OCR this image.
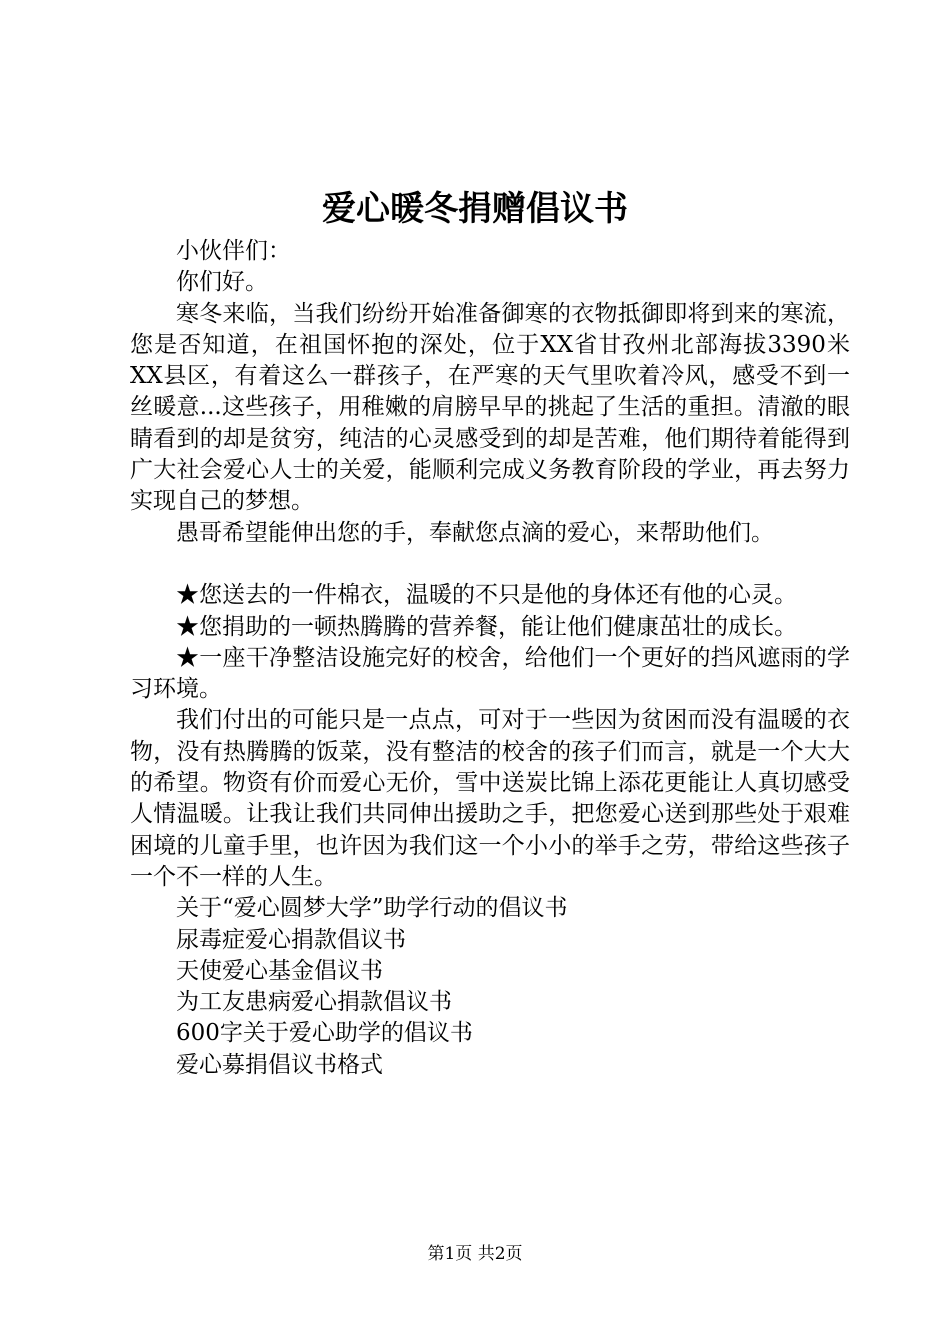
爱心暖冬捐赠倡议书

小伙伴们：

你们好。

寒冬来临，当我们纷纷开始准备御寒的衣物抵御即将到来的寒流，您是否知道，在祖国怀抱的深处，位于XX省甘孜州北部海拔3390米XX县区，有着这么一群孩子，在严寒的天气里吹着冷风，感受不到一丝暖意...这些孩子，用稚嫩的肩膀早早的挑起了生活的重担。清澈的眼睛看到的却是贫穷，纯洁的心灵感受到的却是苦难，他们期待着能得到广大社会爱心人士的关爱，能顺利完成义务教育阶段的学业，再去努力实现自己的梦想。

愚哥希望能伸出您的手，奉献您点滴的爱心，来帮助他们。

★您送去的一件棉衣，温暖的不只是他的身体还有他的心灵。

★您捐助的一顿热腾腾的营养餐，能让他们健康茁壮的成长。

★一座干净整洁设施完好的校舍，给他们一个更好的挡风遮雨的学习环境。

我们付出的可能只是一点点，可对于一些因为贫困而没有温暖的衣物，没有热腾腾的饭菜，没有整洁的校舍的孩子们而言，就是一个大大的希望。物资有价而爱心无价，雪中送炭比锦上添花更能让人真切感受人情温暖。让我让我们共同伸出援助之手，把您爱心送到那些处于艰难困境的儿童手里，也许因为我们这一个小小的举手之劳，带给这些孩子一个不一样的人生。

关于“爱心圆梦大学”助学行动的倡议书

尿毒症爱心捐款倡议书

天使爱心基金倡议书

为工友患病爱心捐款倡议书

600字关于爱心助学的倡议书

爱心募捐倡议书格式

第1页 共2页
